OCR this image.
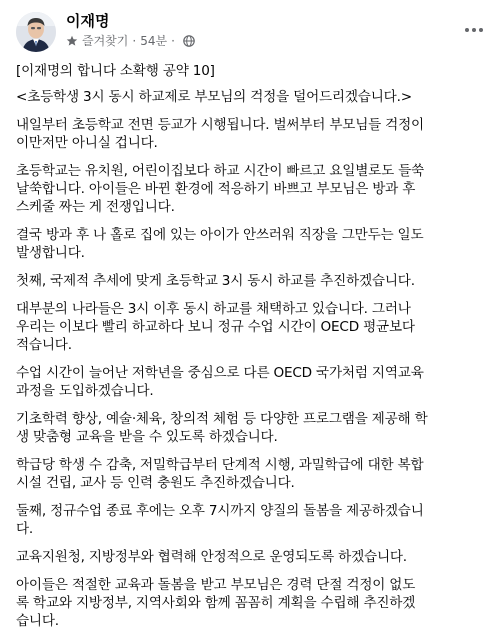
이재명
즐겨찾기 · 54분 ·

[이재명의 합니다 소확행 공약 10]

<초등학생 3시 동시 하교제로 부모님의 걱정을 덜어드리겠습니다.>

내일부터 초등학교 전면 등교가 시행됩니다. 벌써부터 부모님들 걱정이
이만저만 아니실 겁니다.

초등학교는 유치원, 어린이집보다 하교 시간이 빠르고 요일별로도 들쑥
날쑥합니다. 아이들은 바뀐 환경에 적응하기 바쁘고 부모님은 방과 후
스케줄 짜는 게 전쟁입니다.

결국 방과 후 나 홀로 집에 있는 아이가 안쓰러워 직장을 그만두는 일도
발생합니다.

첫째, 국제적 추세에 맞게 초등학교 3시 동시 하교를 추진하겠습니다.

대부분의 나라들은 3시 이후 동시 하교를 채택하고 있습니다. 그러나
우리는 이보다 빨리 하교하다 보니 정규 수업 시간이 OECD 평균보다
적습니다.

수업 시간이 늘어난 저학년을 중심으로 다른 OECD 국가처럼 지역교육
과정을 도입하겠습니다.

기초학력 향상, 예술·체육, 창의적 체험 등 다양한 프로그램을 제공해 학
생 맞춤형 교육을 받을 수 있도록 하겠습니다.

학급당 학생 수 감축, 저밀학급부터 단계적 시행, 과밀학급에 대한 복합
시설 건립, 교사 등 인력 충원도 추진하겠습니다.

둘째, 정규수업 종료 후에는 오후 7시까지 양질의 돌봄을 제공하겠습니
다.

교육지원청, 지방정부와 협력해 안정적으로 운영되도록 하겠습니다.

아이들은 적절한 교육과 돌봄을 받고 부모님은 경력 단절 걱정이 없도
록 학교와 지방정부, 지역사회와 함께 꼼꼼히 계획을 수립해 추진하겠
습니다.
